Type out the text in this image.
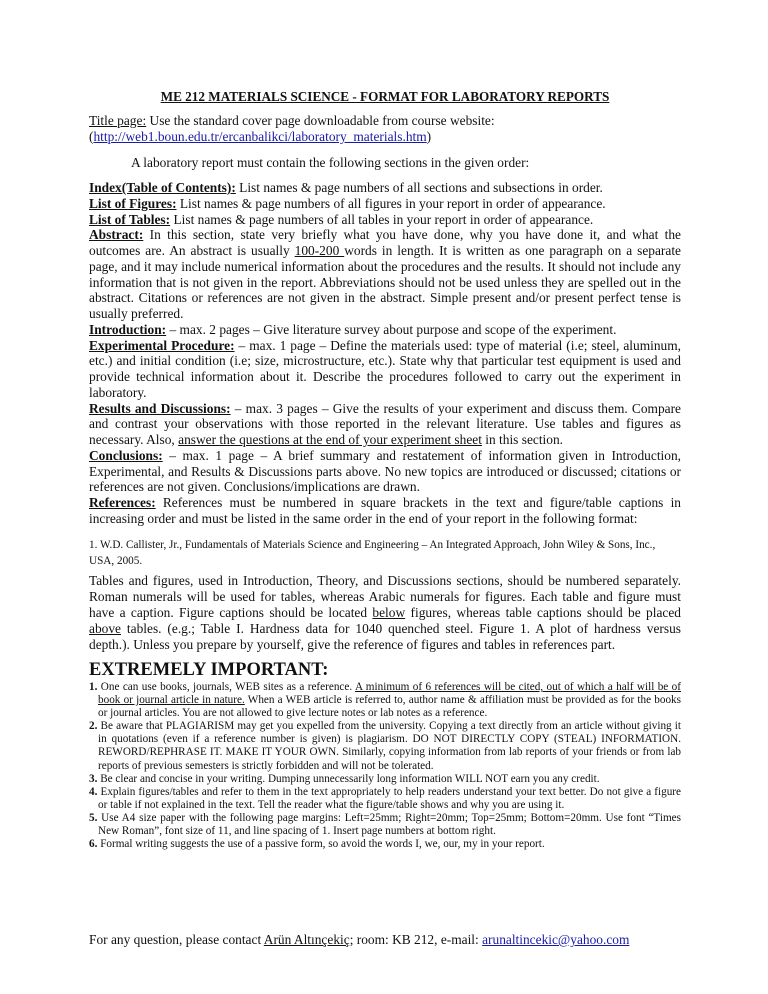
ME 212 MATERIALS SCIENCE - FORMAT FOR LABORATORY REPORTS
Title page: Use the standard cover page downloadable from course website:
(http://web1.boun.edu.tr/ercanbalikci/laboratory_materials.htm)
A laboratory report must contain the following sections in the given order:

Index(Table of Contents): List names & page numbers of all sections and subsections in order.

List of Figures: List names & page numbers of all figures in your report in order of appearance.

List of Tables: List names & page numbers of all tables in your report in order of appearance.

Abstract: In this section, state very briefly what you have done, why you have done it, and what the outcomes are. An abstract is usually 100-200 words in length. It is written as one paragraph on a separate page, and it may include numerical information about the procedures and the results. It should not include any information that is not given in the report. Abbreviations should not be used unless they are spelled out in the abstract. Citations or references are not given in the abstract. Simple present and/or present perfect tense is usually preferred.

Introduction: – max. 2 pages – Give literature survey about purpose and scope of the experiment.

Experimental Procedure: – max. 1 page – Define the materials used: type of material (i.e; steel, aluminum, etc.) and initial condition (i.e; size, microstructure, etc.). State why that particular test equipment is used and provide technical information about it. Describe the procedures followed to carry out the experiment in laboratory.

Results and Discussions: – max. 3 pages – Give the results of your experiment and discuss them. Compare and contrast your observations with those reported in the relevant literature. Use tables and figures as necessary. Also, answer the questions at the end of your experiment sheet in this section.

Conclusions: – max. 1 page – A brief summary and restatement of information given in Introduction, Experimental, and Results & Discussions parts above. No new topics are introduced or discussed; citations or references are not given. Conclusions/implications are drawn.

References: References must be numbered in square brackets in the text and figure/table captions in increasing order and must be listed in the same order in the end of your report in the following format:

1. W.D. Callister, Jr., Fundamentals of Materials Science and Engineering – An Integrated Approach, John Wiley & Sons, Inc., USA, 2005.
Tables and figures, used in Introduction, Theory, and Discussions sections, should be numbered separately. Roman numerals will be used for tables, whereas Arabic numerals for figures. Each table and figure must have a caption. Figure captions should be located below figures, whereas table captions should be placed above tables. (e.g.; Table I. Hardness data for 1040 quenched steel. Figure 1. A plot of hardness versus depth.). Unless you prepare by yourself, give the reference of figures and tables in references part.
EXTREMELY IMPORTANT:
1. One can use books, journals, WEB sites as a reference. A minimum of 6 references will be cited, out of which a half will be of book or journal article in nature. When a WEB article is referred to, author name & affiliation must be provided as for the books or journal articles. You are not allowed to give lecture notes or lab notes as a reference.
2. Be aware that PLAGIARISM may get you expelled from the university. Copying a text directly from an article without giving it in quotations (even if a reference number is given) is plagiarism. DO NOT DIRECTLY COPY (STEAL) INFORMATION. REWORD/REPHRASE IT. MAKE IT YOUR OWN. Similarly, copying information from lab reports of your friends or from lab reports of previous semesters is strictly forbidden and will not be tolerated.
3. Be clear and concise in your writing. Dumping unnecessarily long information WILL NOT earn you any credit.
4. Explain figures/tables and refer to them in the text appropriately to help readers understand your text better. Do not give a figure or table if not explained in the text. Tell the reader what the figure/table shows and why you are using it.
5. Use A4 size paper with the following page margins: Left=25mm; Right=20mm; Top=25mm; Bottom=20mm. Use font “Times New Roman”, font size of 11, and line spacing of 1. Insert page numbers at bottom right.
6. Formal writing suggests the use of a passive form, so avoid the words I, we, our, my in your report.
For any question, please contact Arün Altınçekiç; room: KB 212, e-mail: arunaltincekic@yahoo.com
